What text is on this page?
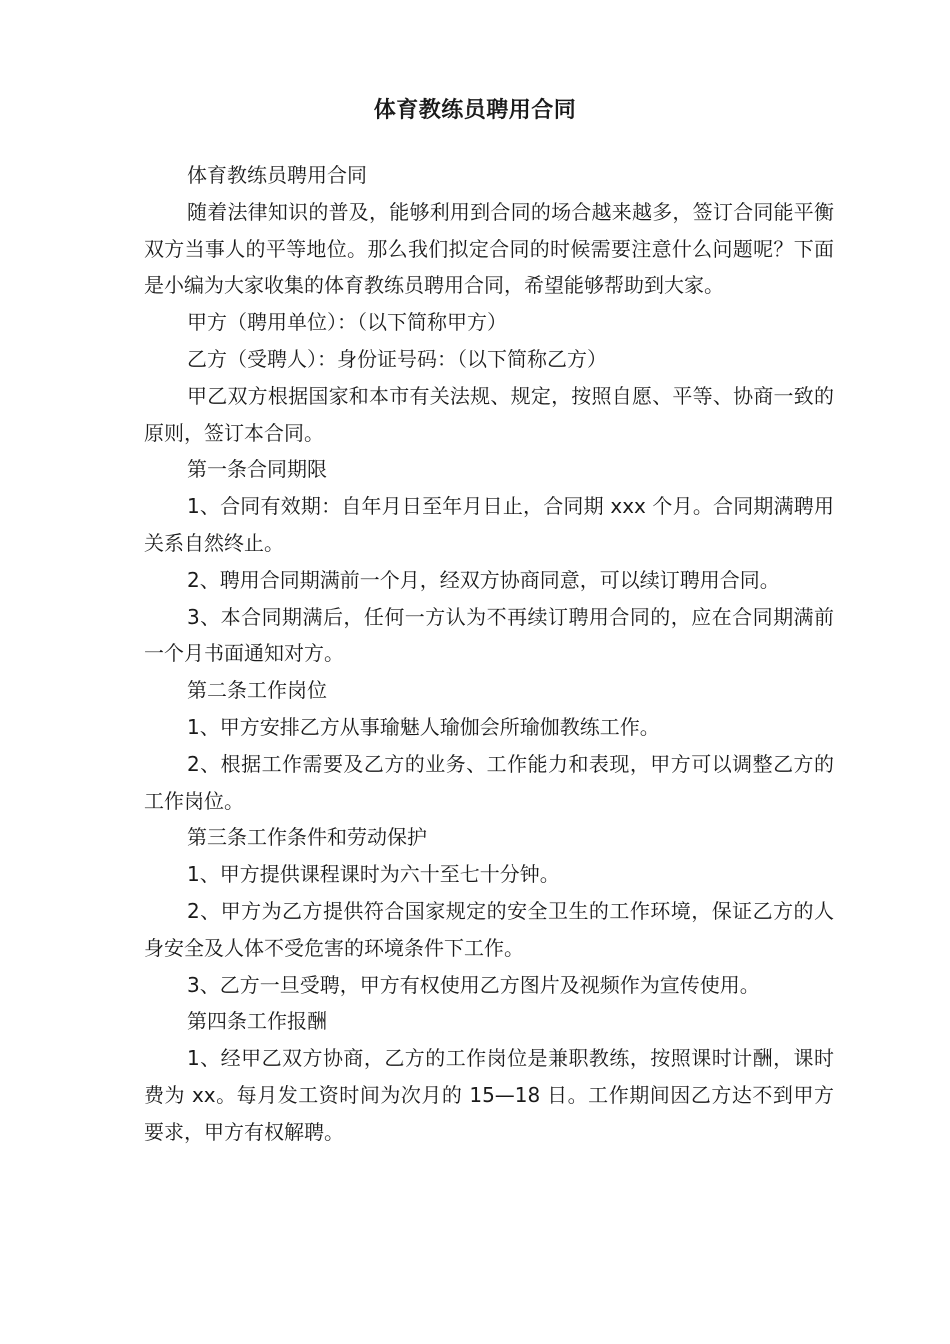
体育教练员聘用合同

体育教练员聘用合同

随着法律知识的普及，能够利用到合同的场合越来越多，签订合同能平衡双方当事人的平等地位。那么我们拟定合同的时候需要注意什么问题呢？下面是小编为大家收集的体育教练员聘用合同，希望能够帮助到大家。

甲方（聘用单位）：（以下简称甲方）

乙方（受聘人）：身份证号码：（以下简称乙方）

甲乙双方根据国家和本市有关法规、规定，按照自愿、平等、协商一致的原则，签订本合同。

第一条合同期限

1、合同有效期：自年月日至年月日止，合同期 xxx 个月。合同期满聘用关系自然终止。

2、聘用合同期满前一个月，经双方协商同意，可以续订聘用合同。

3、本合同期满后，任何一方认为不再续订聘用合同的，应在合同期满前一个月书面通知对方。

第二条工作岗位

1、甲方安排乙方从事瑜魅人瑜伽会所瑜伽教练工作。

2、根据工作需要及乙方的业务、工作能力和表现，甲方可以调整乙方的工作岗位。

第三条工作条件和劳动保护

1、甲方提供课程课时为六十至七十分钟。

2、甲方为乙方提供符合国家规定的安全卫生的工作环境，保证乙方的人身安全及人体不受危害的环境条件下工作。

3、乙方一旦受聘，甲方有权使用乙方图片及视频作为宣传使用。

第四条工作报酬

1、经甲乙双方协商，乙方的工作岗位是兼职教练，按照课时计酬，课时费为 xx。每月发工资时间为次月的 15—18 日。工作期间因乙方达不到甲方要求，甲方有权解聘。
